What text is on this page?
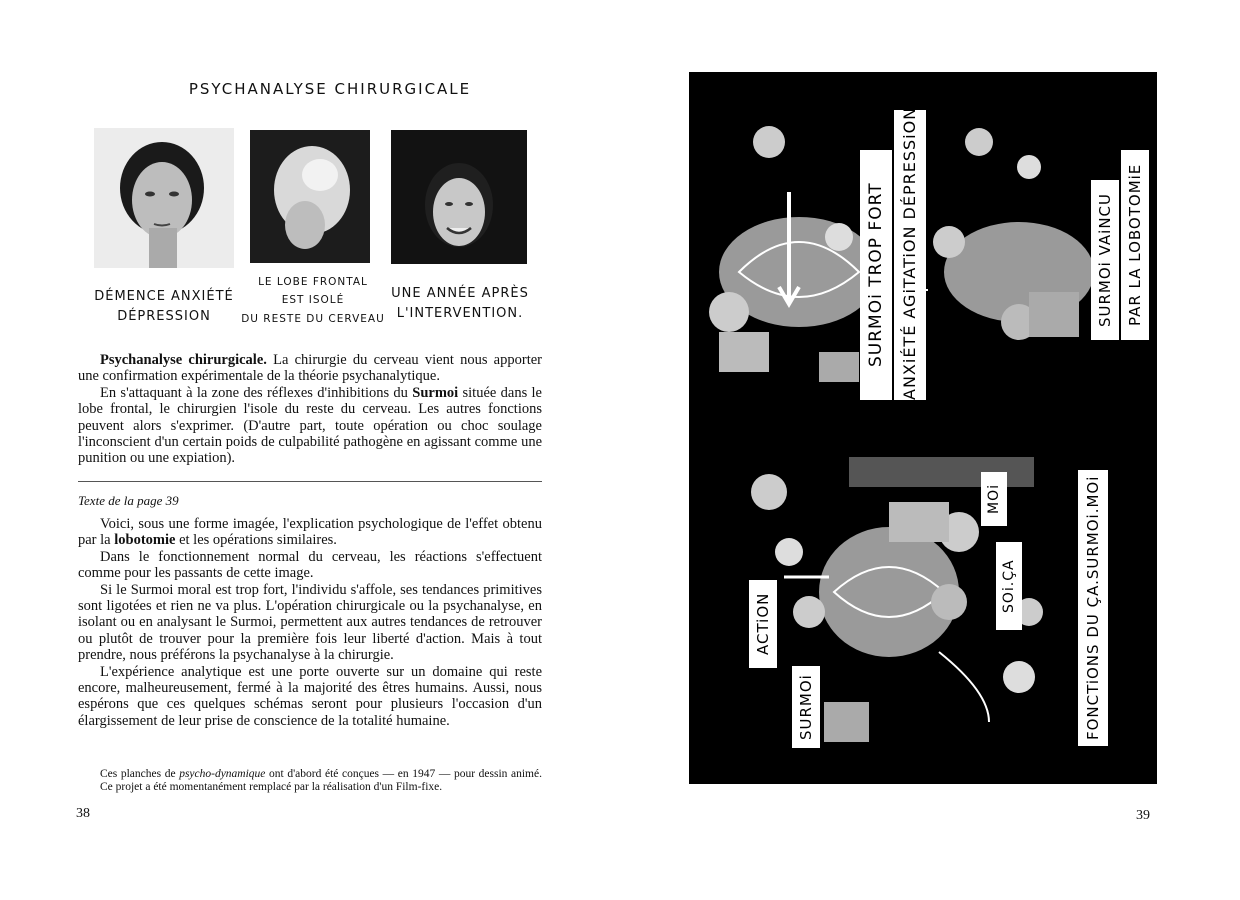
PSYCHANALYSE CHIRURGICALE
DÉMENCE ANXIÉTÉ
DÉPRESSION
LE LOBE FRONTAL
EST ISOLÉ
DU RESTE DU CERVEAU
UNE ANNÉE APRÈS
L'INTERVENTION.

Psychanalyse chirurgicale. La chirurgie du cerveau vient nous apporter une confirmation expérimentale de la théorie psychanalytique.

En s'attaquant à la zone des réflexes d'inhibitions du Surmoi située dans le lobe frontal, le chirurgien l'isole du reste du cerveau. Les autres fonctions peuvent alors s'exprimer. (D'autre part, toute opération ou choc soulage l'inconscient d'un certain poids de culpabilité pathogène en agissant comme une punition ou une expiation).

Texte de la page 39

Voici, sous une forme imagée, l'explication psychologique de l'effet obtenu par la lobotomie et les opérations similaires.

Dans le fonctionnement normal du cerveau, les réactions s'effectuent comme pour les passants de cette image.

Si le Surmoi moral est trop fort, l'individu s'affole, ses tendances primitives sont ligotées et rien ne va plus. L'opération chirurgicale ou la psychanalyse, en isolant ou en analysant le Surmoi, permettent aux autres tendances de retrouver ou plutôt de trouver pour la première fois leur liberté d'action. Mais à tout prendre, nous préférons la psychanalyse à la chirurgie.

L'expérience analytique est une porte ouverte sur un domaine qui reste encore, malheureusement, fermé à la majorité des êtres humains. Aussi, nous espérons que ces quelques schémas seront pour plusieurs l'occasion d'un élargissement de leur prise de conscience de la totalité humaine.

Ces planches de psycho-dynamique ont d'abord été conçues — en 1947 — pour dessin animé. Ce projet a été momentanément remplacé par la réalisation d'un Film-fixe.
38
ANXiÉTÉ AGiTATiON DÉPRESSiON
SURMOi TROP FORT	PAR LA LOBOTOMiE
SURMOi VAiNCU
FONCTiONS DU ÇA.SURMOi.MOi
MOi
SOi.ÇA
ACTiON
SURMOi
39
